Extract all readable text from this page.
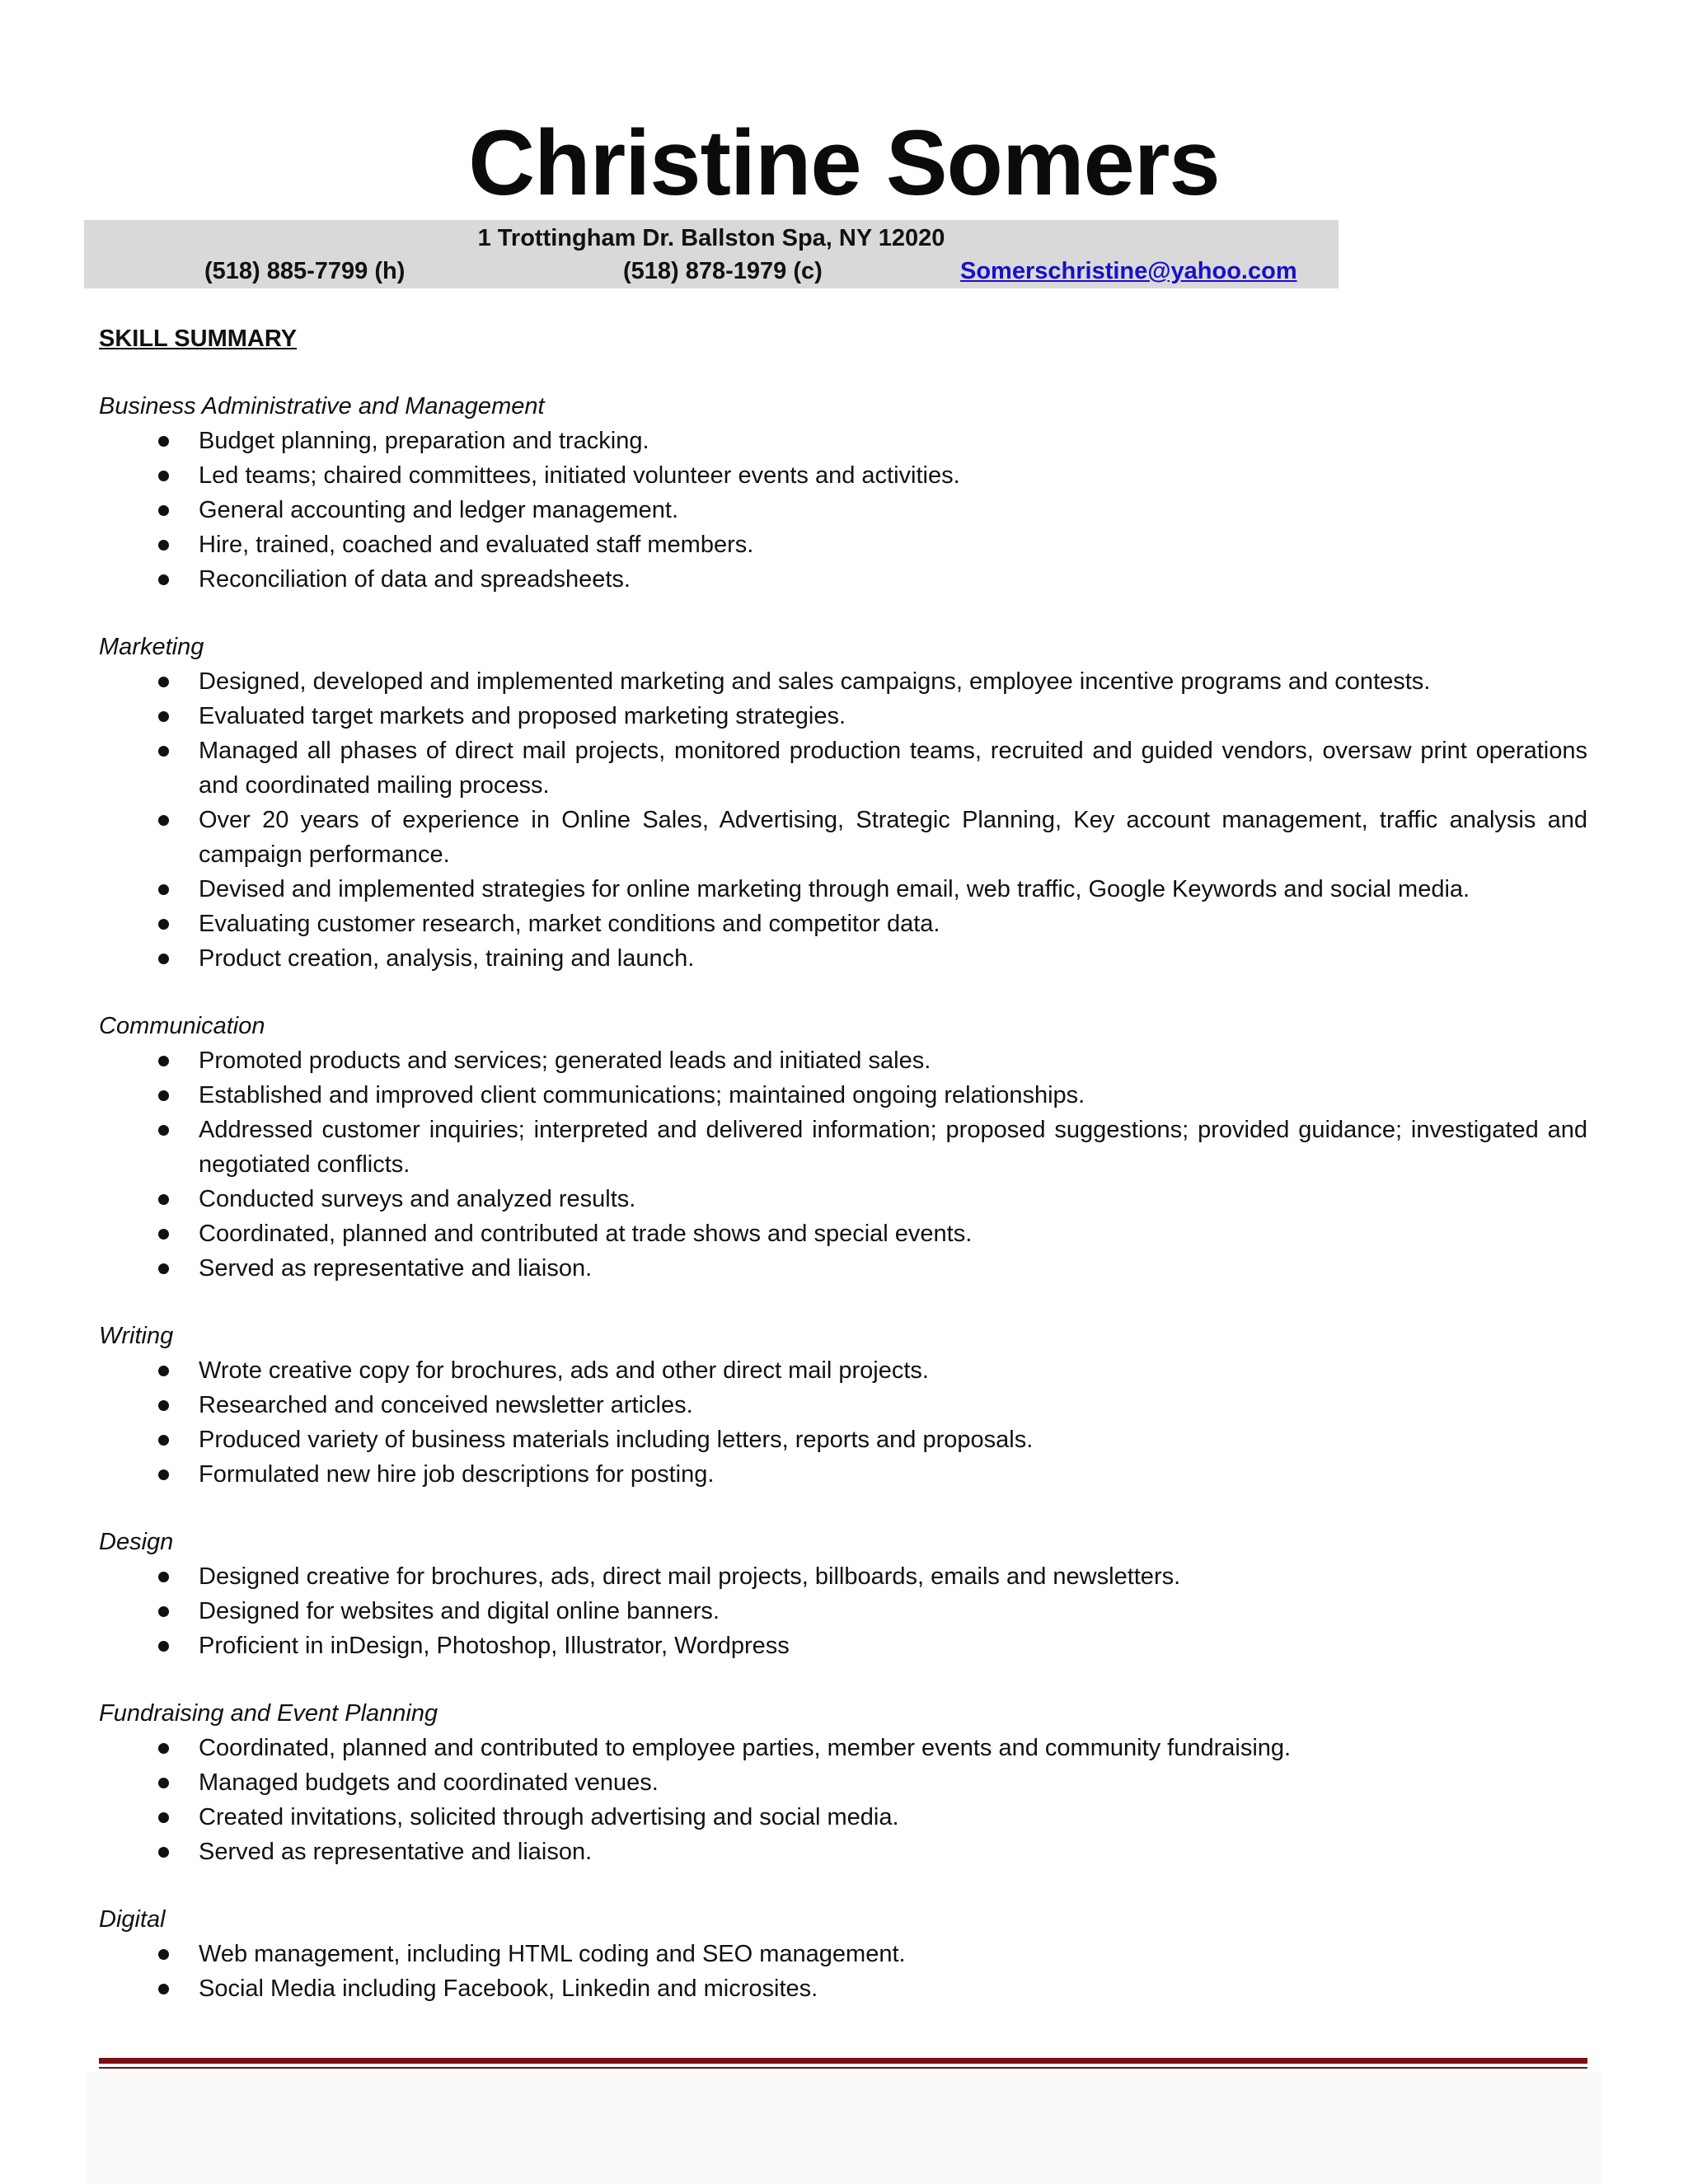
Christine Somers
1 Trottingham Dr. Ballston Spa, NY 12020
(518) 885-7799 (h)	(518) 878-1979 (c)	Somerschristine@yahoo.com
SKILL SUMMARY
Business Administrative and Management
Budget planning, preparation and tracking.
Led teams; chaired committees, initiated volunteer events and activities.
General accounting and ledger management.
Hire, trained, coached and evaluated staff members.
Reconciliation of data and spreadsheets.
Marketing
Designed, developed and implemented marketing and sales campaigns, employee incentive programs and contests.
Evaluated target markets and proposed marketing strategies.
Managed all phases of direct mail projects, monitored production teams, recruited and guided vendors, oversaw print operations and coordinated mailing process.
Over 20 years of experience in Online Sales, Advertising, Strategic Planning, Key account management, traffic analysis and campaign performance.
Devised and implemented strategies for online marketing through email, web traffic, Google Keywords and social media.
Evaluating customer research, market conditions and competitor data.
Product creation, analysis, training and launch.
Communication
Promoted products and services; generated leads and initiated sales.
Established and improved client communications; maintained ongoing relationships.
Addressed customer inquiries; interpreted and delivered information; proposed suggestions; provided guidance; investigated and negotiated conflicts.
Conducted surveys and analyzed results.
Coordinated, planned and contributed at trade shows and special events.
Served as representative and liaison.
Writing
Wrote creative copy for brochures, ads and other direct mail projects.
Researched and conceived newsletter articles.
Produced variety of business materials including letters, reports and proposals.
Formulated new hire job descriptions for posting.
Design
Designed creative for brochures, ads, direct mail projects, billboards, emails and newsletters.
Designed for websites and digital online banners.
Proficient in inDesign, Photoshop, Illustrator, Wordpress
Fundraising and Event Planning
Coordinated, planned and contributed to employee parties, member events and community fundraising.
Managed budgets and coordinated venues.
Created invitations, solicited through advertising and social media.
Served as representative and liaison.
Digital
Web management, including HTML coding and SEO management.
Social Media including Facebook, Linkedin and microsites.
